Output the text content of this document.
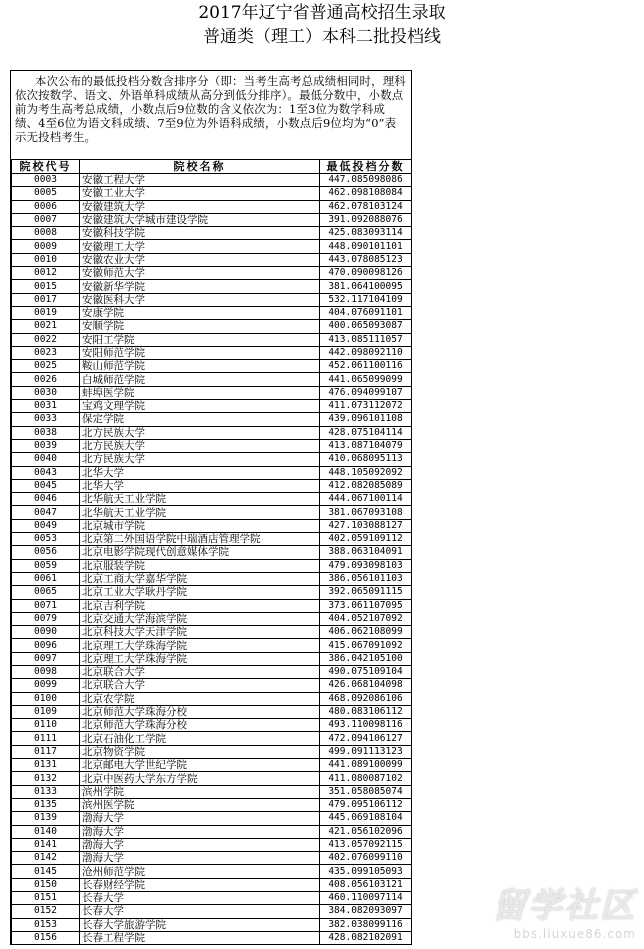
2017年辽宁省普通高校招生录取
普通类（理工）本科二批投档线
本次公布的最低投档分数含排序分（即：当考生高考总成绩相同时，理科依次按数学、语文、外语单科成绩从高分到低分排序）。最低分数中，小数点前为考生高考总成绩，小数点后9位数的含义依次为：1至3位为数学科成绩、4至6位为语文科成绩、7至9位为外语科成绩，小数点后9位均为“0”表示无投档考生。
院校代号	院校名称	最低投档分数
0003	安徽工程大学	447.085098086
0005	安徽工业大学	462.098108084
0006	安徽建筑大学	462.078103124
0007	安徽建筑大学城市建设学院	391.092088076
0008	安徽科技学院	425.083093114
0009	安徽理工大学	448.090101101
0010	安徽农业大学	443.078085123
0012	安徽师范大学	470.090098126
0015	安徽新华学院	381.064100095
0017	安徽医科大学	532.117104109
0019	安康学院	404.076091101
0021	安顺学院	400.065093087
0022	安阳工学院	413.085111057
0023	安阳师范学院	442.098092110
0025	鞍山师范学院	452.061100116
0026	白城师范学院	441.065099099
0030	蚌埠医学院	476.094099107
0031	宝鸡文理学院	411.073112072
0033	保定学院	439.096101108
0038	北方民族大学	428.075104114
0039	北方民族大学	413.087104079
0040	北方民族大学	410.068095113
0043	北华大学	448.105092092
0045	北华大学	412.082085089
0046	北华航天工业学院	444.067100114
0047	北华航天工业学院	381.067093108
0049	北京城市学院	427.103088127
0053	北京第二外国语学院中瑞酒店管理学院	402.059109112
0056	北京电影学院现代创意媒体学院	388.063104091
0059	北京服装学院	479.093098103
0061	北京工商大学嘉华学院	386.056101103
0065	北京工业大学耿丹学院	392.065091115
0071	北京吉利学院	373.061107095
0079	北京交通大学海滨学院	404.052107092
0090	北京科技大学天津学院	406.062108099
0096	北京理工大学珠海学院	415.067091092
0097	北京理工大学珠海学院	386.042105100
0098	北京联合大学	490.075109104
0099	北京联合大学	426.068104098
0100	北京农学院	468.092086106
0109	北京师范大学珠海分校	480.083106112
0110	北京师范大学珠海分校	493.110098116
0111	北京石油化工学院	472.094106127
0117	北京物资学院	499.091113123
0131	北京邮电大学世纪学院	441.089100099
0132	北京中医药大学东方学院	411.080087102
0133	滨州学院	351.058085074
0135	滨州医学院	479.095106112
0139	渤海大学	445.069108104
0140	渤海大学	421.056102096
0141	渤海大学	413.057092115
0142	渤海大学	402.076099110
0145	沧州师范学院	435.099105093
0150	长春财经学院	408.056103121
0151	长春大学	460.110097114
0152	长春大学	384.082093097
0153	长春大学旅游学院	382.038099116
0156	长春工程学院	428.082102091
留学社区
bbs.liuxue86.com
